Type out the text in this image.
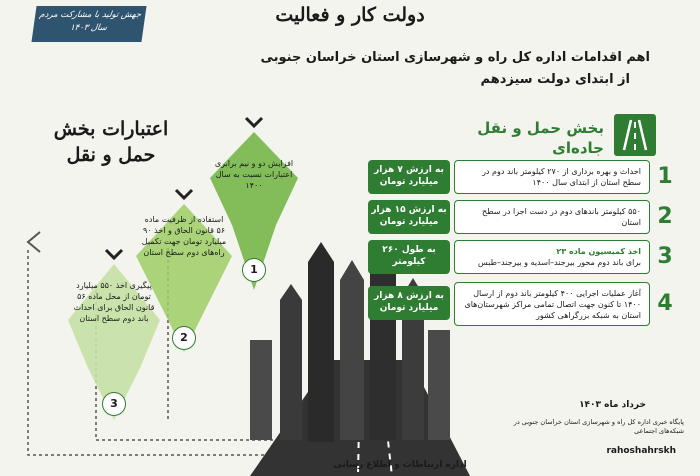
جهش تولید با مشارکت مردم
سال ۱۴۰۳
دولت کار و فعالیت
اهم اقدامات اداره کل راه و شهرسازی استان خراسان جنوبی
از ابتدای دولت سیزدهم
اعتبارات بخش
حمل و نقل	افزایش دو و نیم برابری اعتبارات نسبت به سال ۱۴۰۰
1
استفاده از ظرفیت ماده ۵۶ قانون الحاق و اخذ ۹۰ میلیارد تومان جهت تکمیل راه‌های دوم سطح استان
2
پیگیری اخذ ۵۵۰ میلیارد تومان از محل ماده ۵۶ قانون الحاق برای احداث باند دوم سطح استان
3
بخش حمل و نقل
جاده‌ای
1
احداث و بهره برداری از ۲۷۰ کیلومتر باند دوم در سطح استان از ابتدای سال ۱۴۰۰
به ارزش ۷ هزار میلیارد تومان
2
۵۵۰ کیلومتر باند‌های دوم در دست اجرا در سطح استان
به ارزش ۱۵ هزار میلیارد تومان
3
اخذ کمیسیون ماده ۲۳
برای باند دوم محور بیرجند–اسدیه و بیرجند–طبس
به طول ۲۶۰ کیلومتر
4
آغاز عملیات اجرایی ۴۰۰ کیلومتر باند دوم از ارسال ۱۴۰۰ تا کنون جهت اتصال تمامی مراکز شهرستان‌های استان به شبکه بزرگراهی کشور
به ارزش ۸ هزار میلیارد تومان
خرداد ماه ۱۴۰۳
پایگاه خبری اداره کل راه و شهرسازی استان خراسان جنوبی در شبکه‌های اجتماعی
rahoshahrskh
اداره ارتباطات و اطلاع رسانی
